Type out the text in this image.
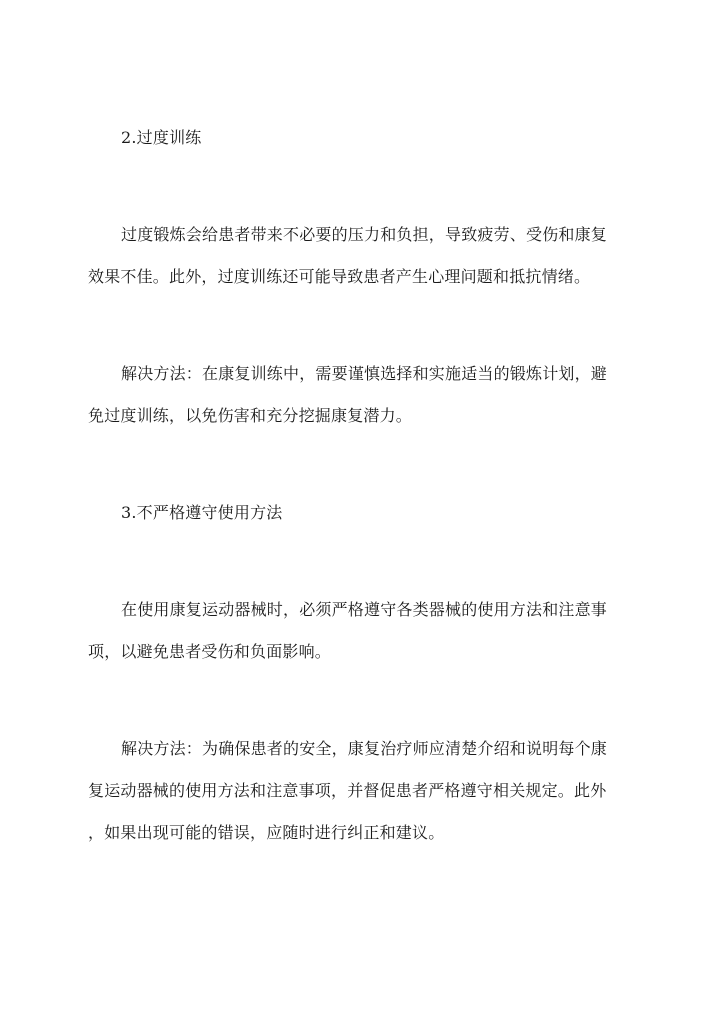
2.过度训练
过度锻炼会给患者带来不必要的压力和负担，导致疲劳、受伤和康复
效果不佳。此外，过度训练还可能导致患者产生心理问题和抵抗情绪。
解决方法：在康复训练中，需要谨慎选择和实施适当的锻炼计划，避
免过度训练，以免伤害和充分挖掘康复潜力。
3.不严格遵守使用方法
在使用康复运动器械时，必须严格遵守各类器械的使用方法和注意事
项，以避免患者受伤和负面影响。
解决方法：为确保患者的安全，康复治疗师应清楚介绍和说明每个康
复运动器械的使用方法和注意事项，并督促患者严格遵守相关规定。此外
，如果出现可能的错误，应随时进行纠正和建议。
